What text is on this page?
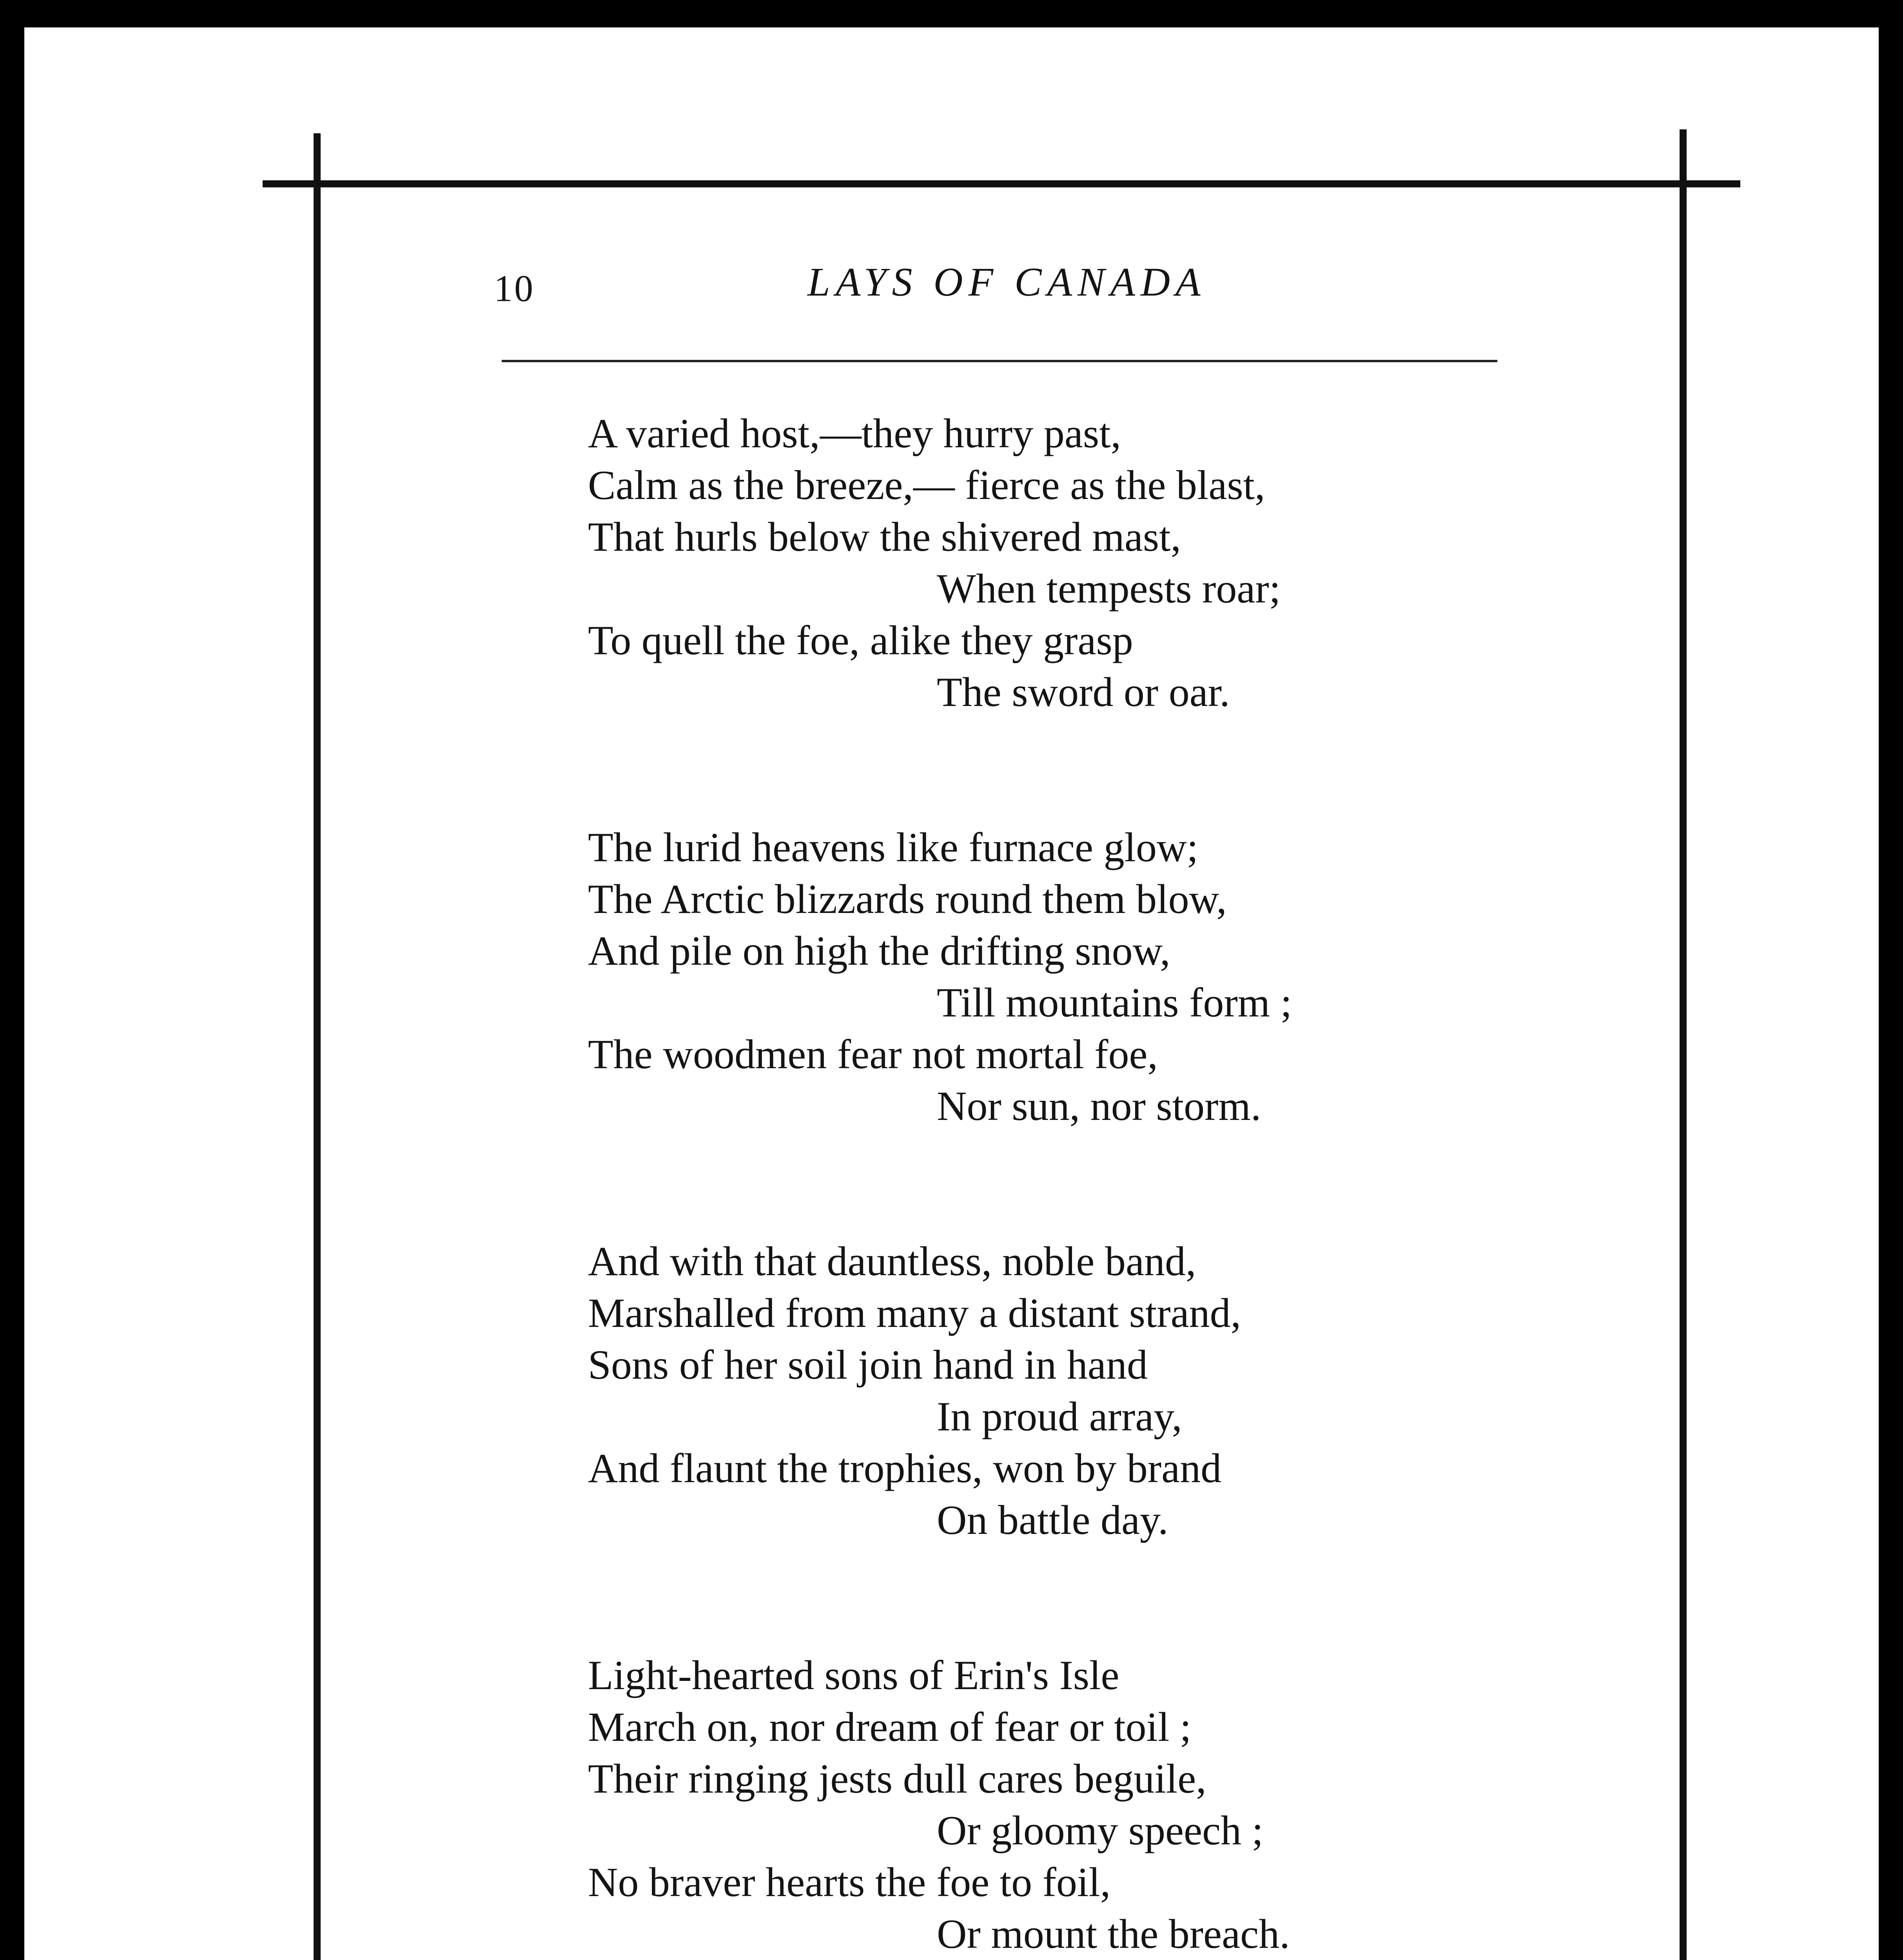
10	LAYS OF CANADA
A varied host,—they hurry past,
Calm as the breeze,— fierce as the blast,
That hurls below the shivered mast,
When tempests roar;
To quell the foe, alike they grasp
The sword or oar.
The lurid heavens like furnace glow;
The Arctic blizzards round them blow,
And pile on high the drifting snow,
Till mountains form ;
The woodmen fear not mortal foe,
Nor sun, nor storm.
And with that dauntless, noble band,
Marshalled from many a distant strand,
Sons of her soil join hand in hand
In proud array,
And flaunt the trophies, won by brand
On battle day.
Light-hearted sons of Erin's Isle
March on, nor dream of fear or toil ;
Their ringing jests dull cares beguile,
Or gloomy speech ;
No braver hearts the foe to foil,
Or mount the breach.
